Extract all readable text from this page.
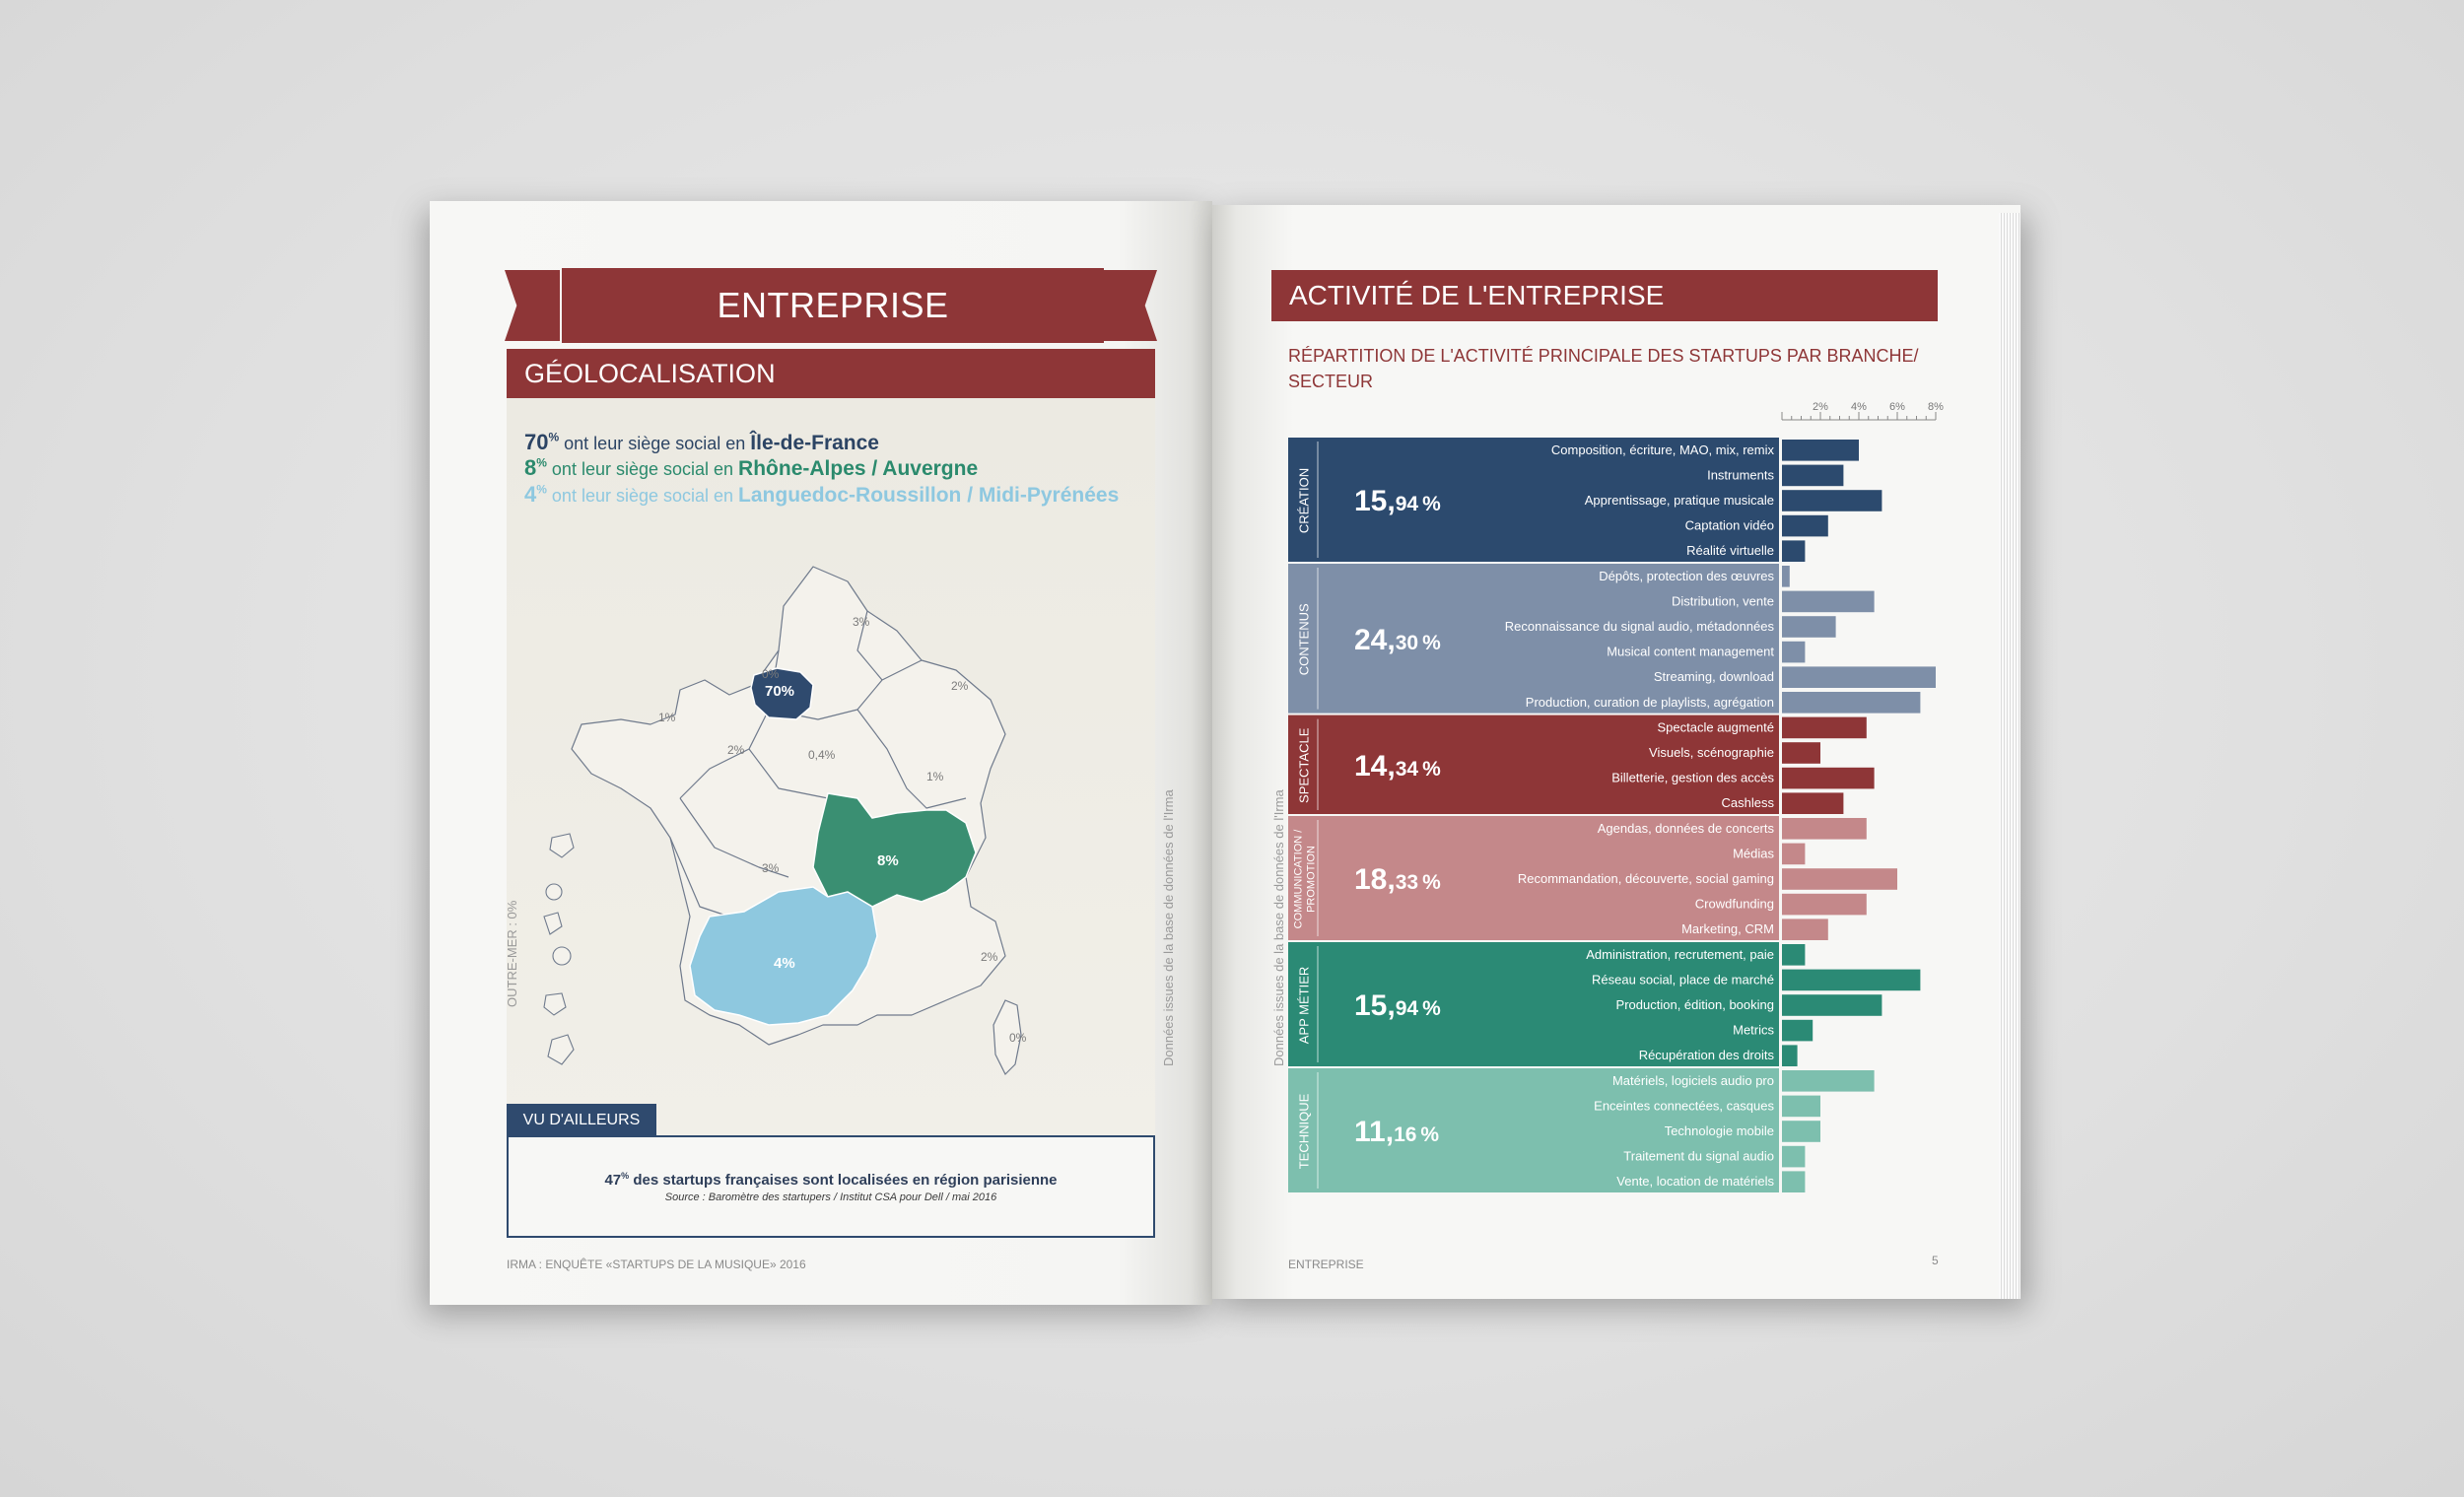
ENTREPRISE
GÉOLOCALISATION
70% ont leur siège social en Île-de-France
8% ont leur siège social en Rhône-Alpes / Auvergne
4% ont leur siège social en Languedoc-Roussillon / Midi-Pyrénées
3%
0%
2%
1%
2%	0,4%
1%
3%
2%
0%
70%
8%
4%
OUTRE-MER : 0%	Données issues de la base de données de l'Irma
VU D'AILLEURS
47% des startups françaises sont localisées en région parisienne
Source : Baromètre des startupers / Institut CSA pour Dell / mai 2016
IRMA : ENQUÊTE «STARTUPS DE LA MUSIQUE» 2016
ACTIVITÉ DE L'ENTREPRISE
RÉPARTITION DE L'ACTIVITÉ PRINCIPALE DES STARTUPS PAR BRANCHE/
SECTEUR
Données issues de la base de données de l'Irma
2% 4% 6% 8%
CRÉATION 15,94 %
Composition, écriture, MAO, mix, remix
Instruments
Apprentissage, pratique musicale
Captation vidéo
Réalité virtuelle
CONTENUS 24,30 %
Dépôts, protection des œuvres
Distribution, vente
Reconnaissance du signal audio, métadonnées
Musical content management
Streaming, download
Production, curation de playlists, agrégation
SPECTACLE 14,34 %
Spectacle augmenté
Visuels, scénographie
Billetterie, gestion des accès
Cashless
COMMUNICATION /PROMOTION 18,33 %
Agendas, données de concerts
Médias
Recommandation, découverte, social gaming
Crowdfunding
Marketing, CRM
APP MÉTIER 15,94 %
Administration, recrutement, paie
Réseau social, place de marché
Production, édition, booking
Metrics
Récupération des droits
TECHNIQUE 11,16 %
Matériels, logiciels audio pro
Enceintes connectées, casques
Technologie mobile
Traitement du signal audio
Vente, location de matériels
ENTREPRISE	5
